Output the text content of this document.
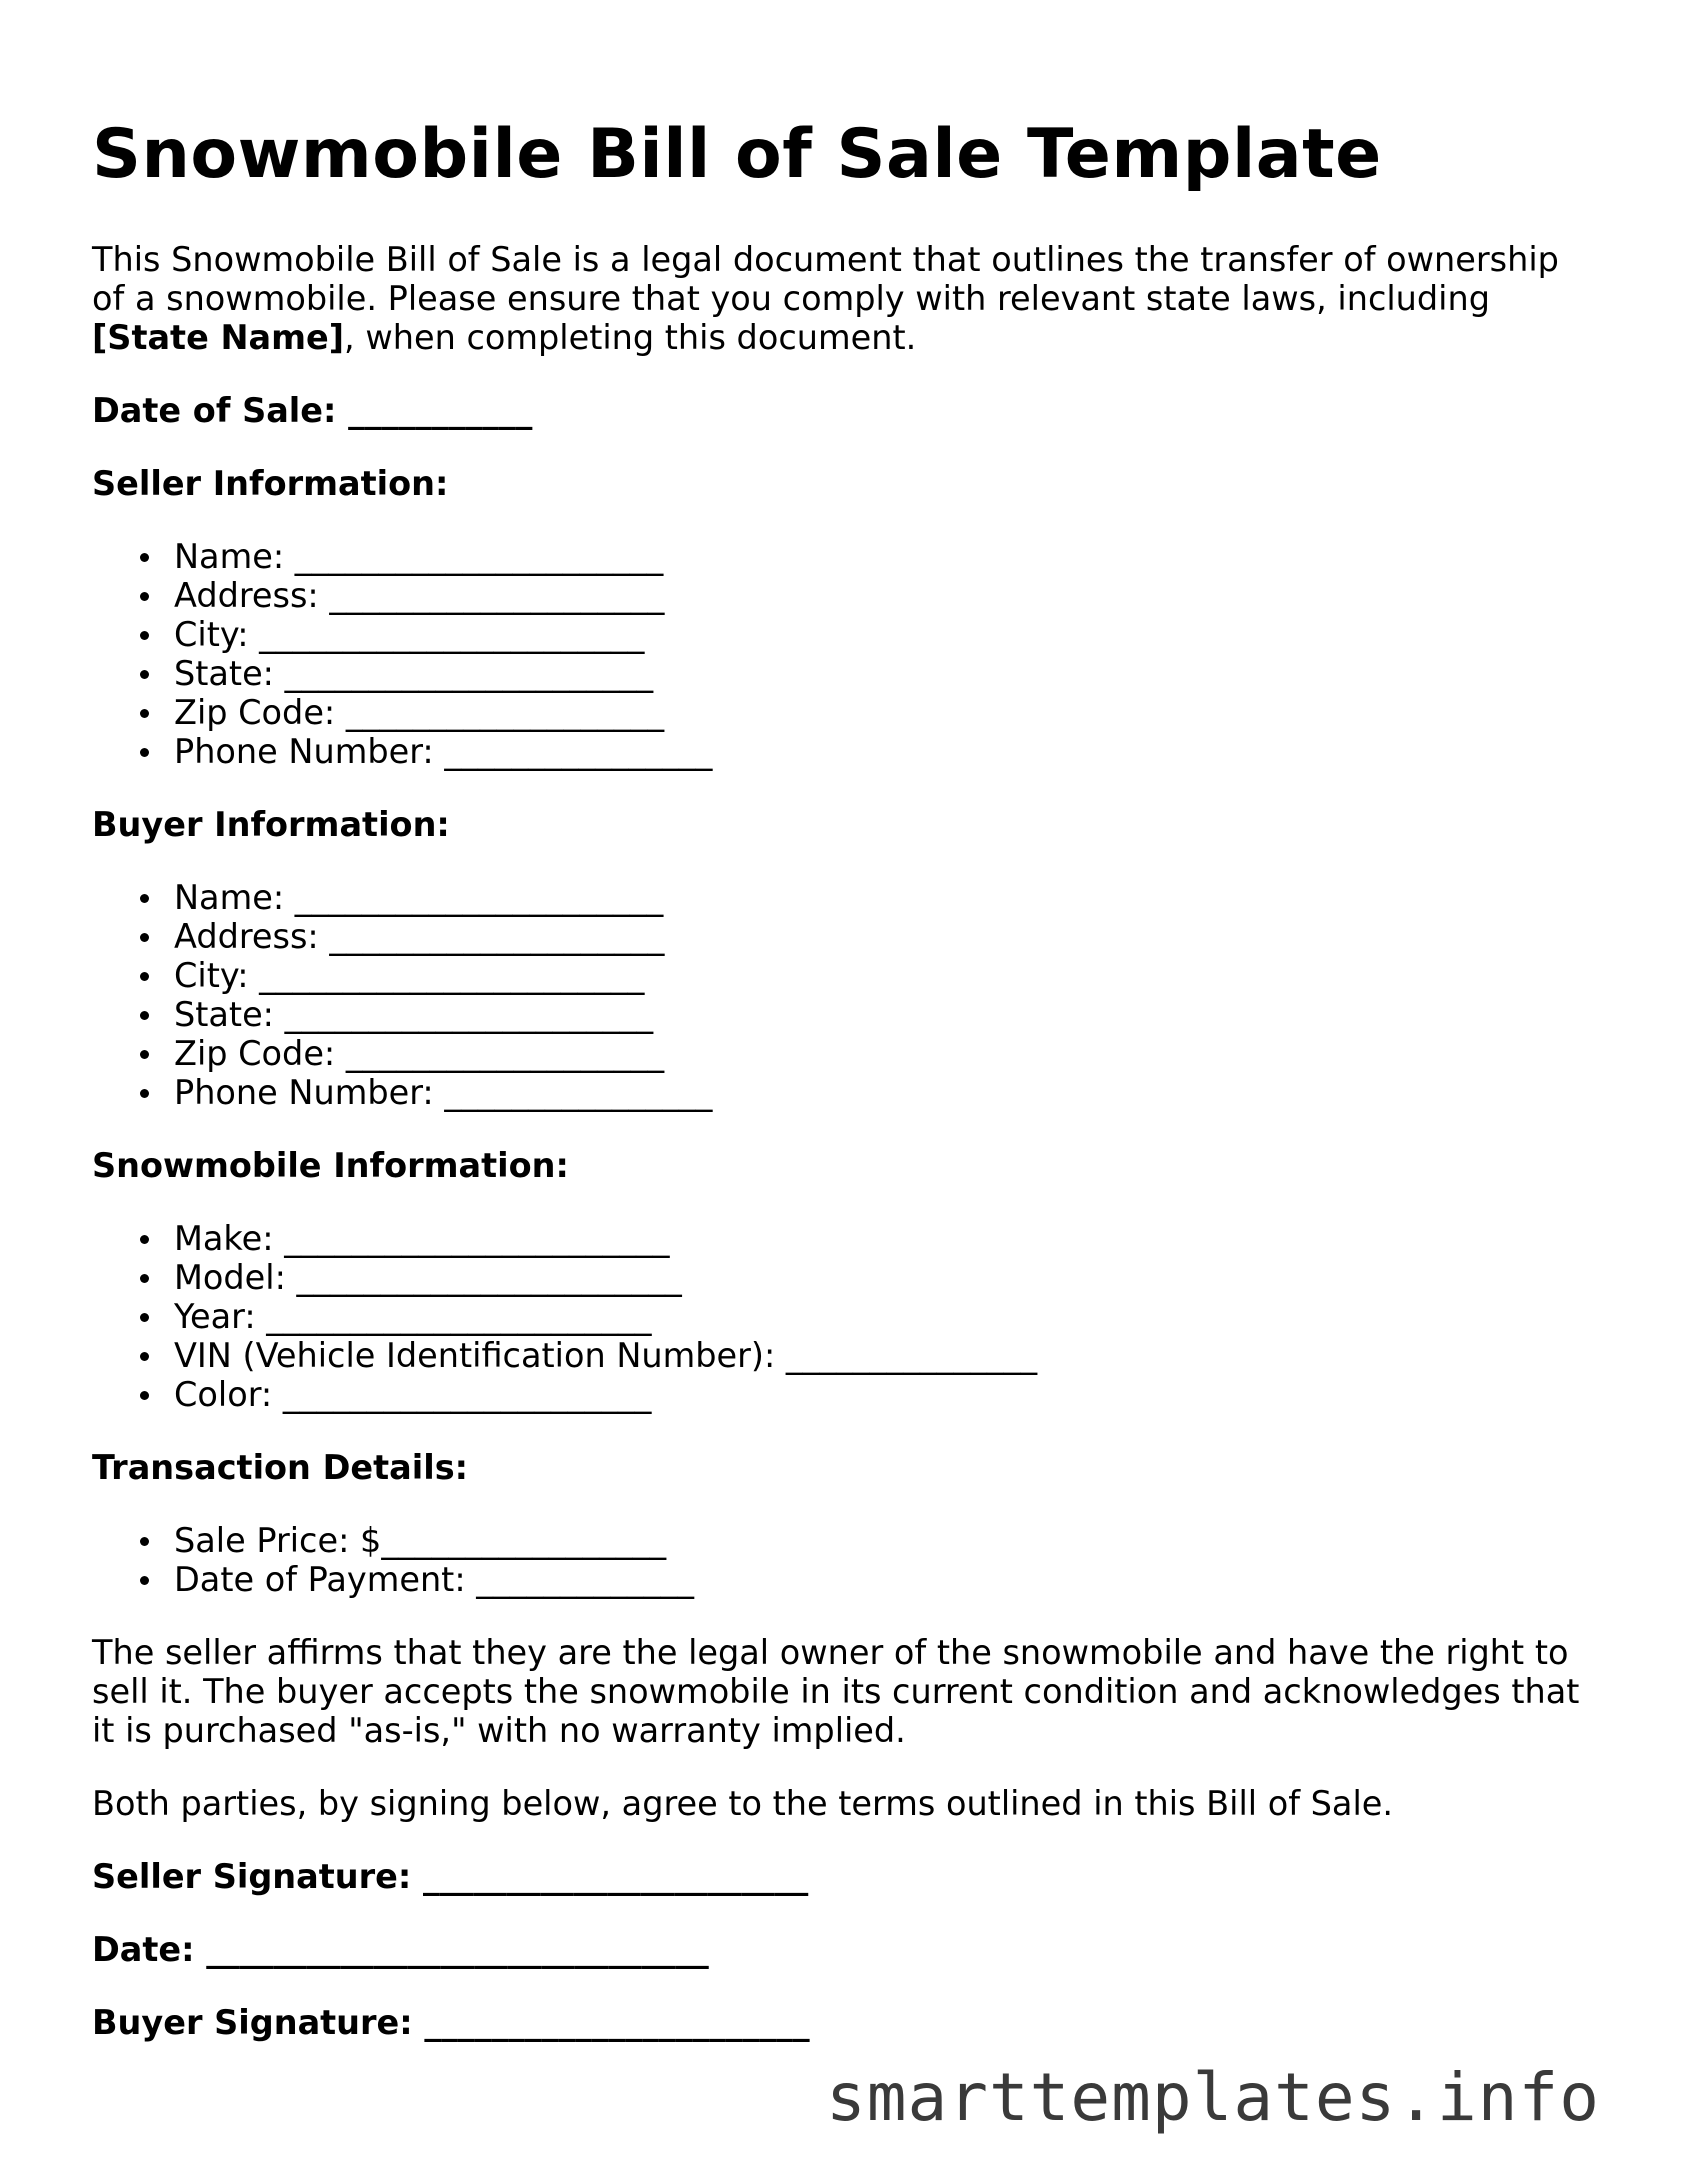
Snowmobile Bill of Sale Template

This Snowmobile Bill of Sale is a legal document that outlines the transfer of ownership of a snowmobile. Please ensure that you comply with relevant state laws, including [State Name], when completing this document.

Date of Sale: ___________

Seller Information:

Name: ______________________
Address: ____________________
City: _______________________
State: ______________________
Zip Code: ___________________
Phone Number: ________________

Buyer Information:

Name: ______________________
Address: ____________________
City: _______________________
State: ______________________
Zip Code: ___________________
Phone Number: ________________

Snowmobile Information:

Make: _______________________
Model: _______________________
Year: _______________________
VIN (Vehicle Identification Number): _______________
Color: ______________________

Transaction Details:

Sale Price: $_________________
Date of Payment: _____________

The seller affirms that they are the legal owner of the snowmobile and have the right to sell it. The buyer accepts the snowmobile in its current condition and acknowledges that it is purchased "as-is," with no warranty implied.

Both parties, by signing below, agree to the terms outlined in this Bill of Sale.

Seller Signature: _______________________

Date: ______________________________

Buyer Signature: _______________________

smarttemplates.info
